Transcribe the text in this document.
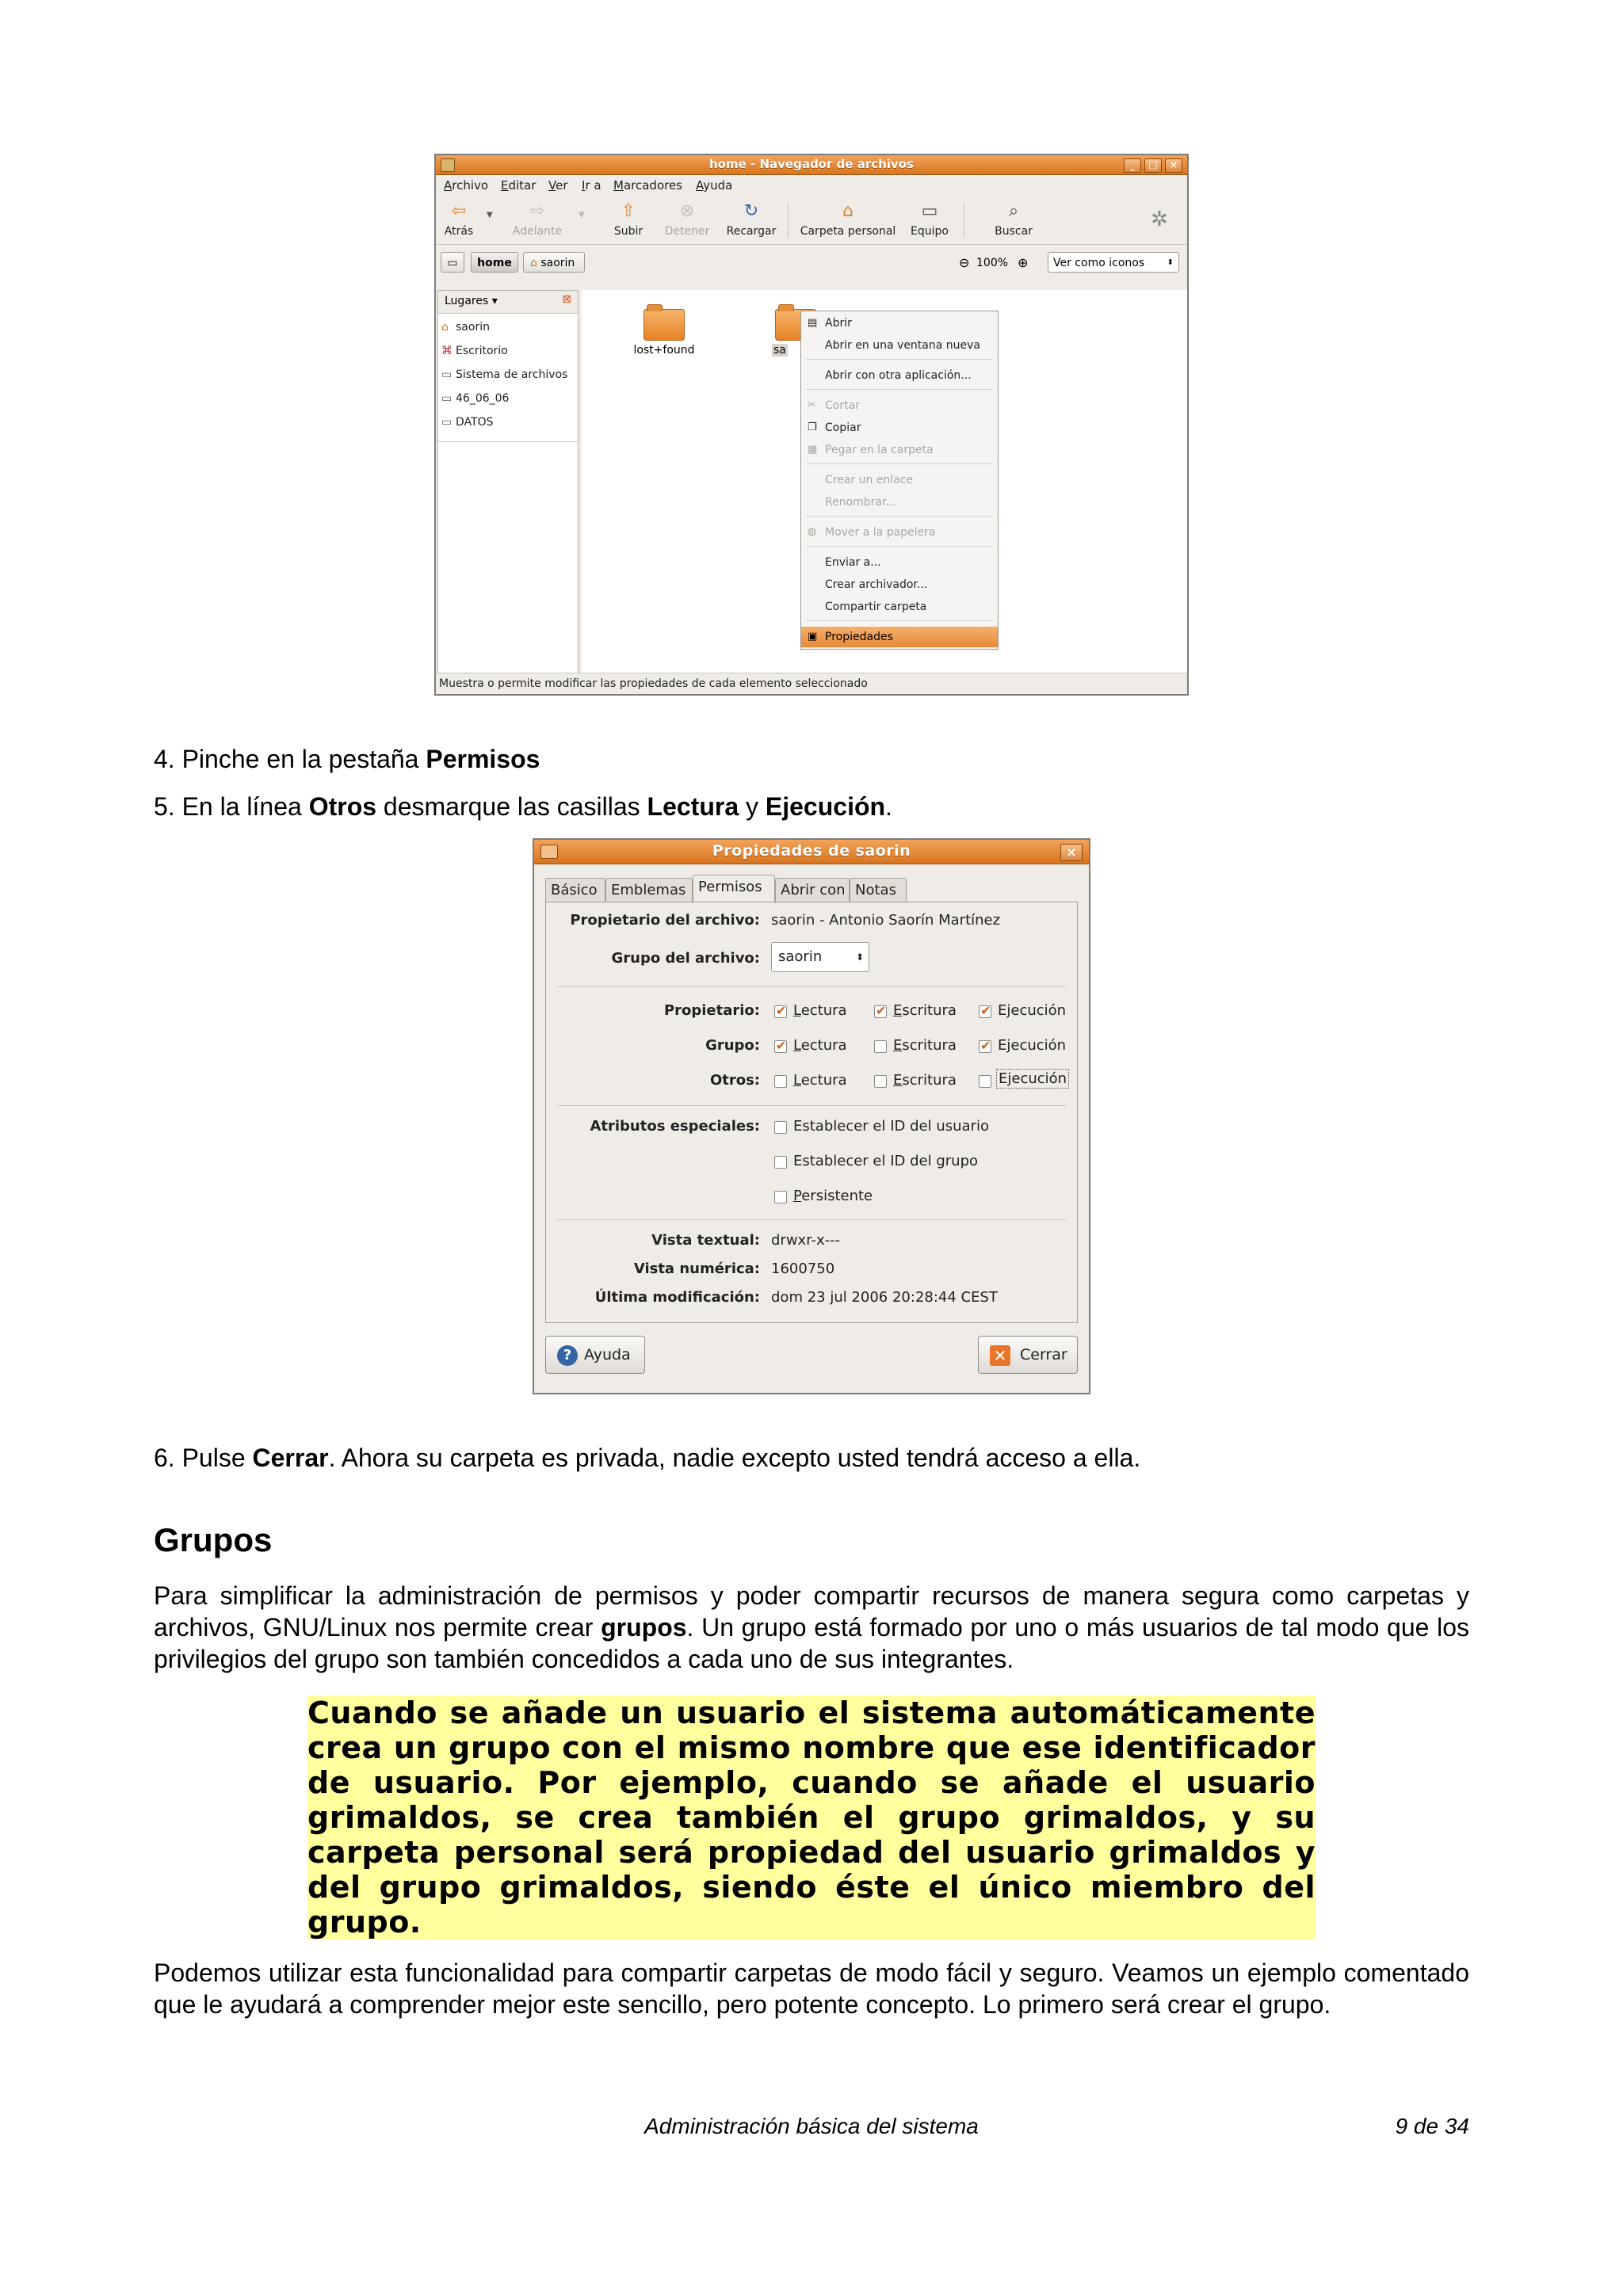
home - Navegador de archivos	_	□	×
Archivo Editar Ver Ir a Marcadores Ayuda
⇦
Atrás
▼ ⇨
Adelante
▼ ⇧
Subir
⊗
Detener
↻
Recargar
⌂
Carpeta personal
▭
Equipo
⌕
Buscar	✲
▭	home	⌂ saorin	⊖ 100% ⊕	Ver como iconos	⬍
Lugares ▾	⊠
⌂ saorin
⌘ Escritorio
▭ Sistema de archivos
▭ 46_06_06
▭ DATOS
lost+found	sa
▤ Abrir
Abrir en una ventana nueva
Abrir con otra aplicación...
✂ Cortar
❐ Copiar
▦ Pegar en la carpeta
Crear un enlace
Renombrar...
◍ Mover a la papelera
Enviar a...
Crear archivador...
Compartir carpeta
▣ Propiedades
Muestra o permite modificar las propiedades de cada elemento seleccionado
4. Pinche en la pestaña Permisos
5. En la línea Otros desmarque las casillas Lectura y Ejecución.
Propiedades de saorin	×
Básico Emblemas Permisos	Abrir con Notas
Propietario del archivo: saorin - Antonio Saorín Martínez
Grupo del archivo:	saorin	⬍
Propietario: ✔ Lectura ✔	Escritura ✔	Ejecución
Grupo: ✔ Lectura	Escritura ✔	Ejecución
Otros: Lectura	Escritura	Ejecución
Atributos especiales: Establecer el ID del usuario
Establecer el ID del grupo
Persistente
Vista textual: drwxr-x---
Vista numérica: 1600750
Última modificación: dom 23 jul 2006 20:28:44 CEST
? Ayuda	✕ Cerrar
6. Pulse Cerrar. Ahora su carpeta es privada, nadie excepto usted tendrá acceso a ella.
Grupos
Para simplificar la administración de permisos y poder compartir recursos de manera segura como carpetas y archivos, GNU/Linux nos permite crear grupos. Un grupo está formado por uno o más usuarios de tal modo que los privilegios del grupo son también concedidos a cada uno de sus integrantes.
Cuando se añade un usuario el sistema automáticamente crea un grupo con el mismo nombre que ese identificador de usuario. Por ejemplo, cuando se añade el usuario grimaldos, se crea también el grupo grimaldos, y su carpeta personal será propiedad del usuario grimaldos y del grupo grimaldos, siendo éste el único miembro del grupo.
Podemos utilizar esta funcionalidad para compartir carpetas de modo fácil y seguro. Veamos un ejemplo comentado que le ayudará a comprender mejor este sencillo, pero potente concepto. Lo primero será crear el grupo.
Administración básica del sistema	9 de 34
